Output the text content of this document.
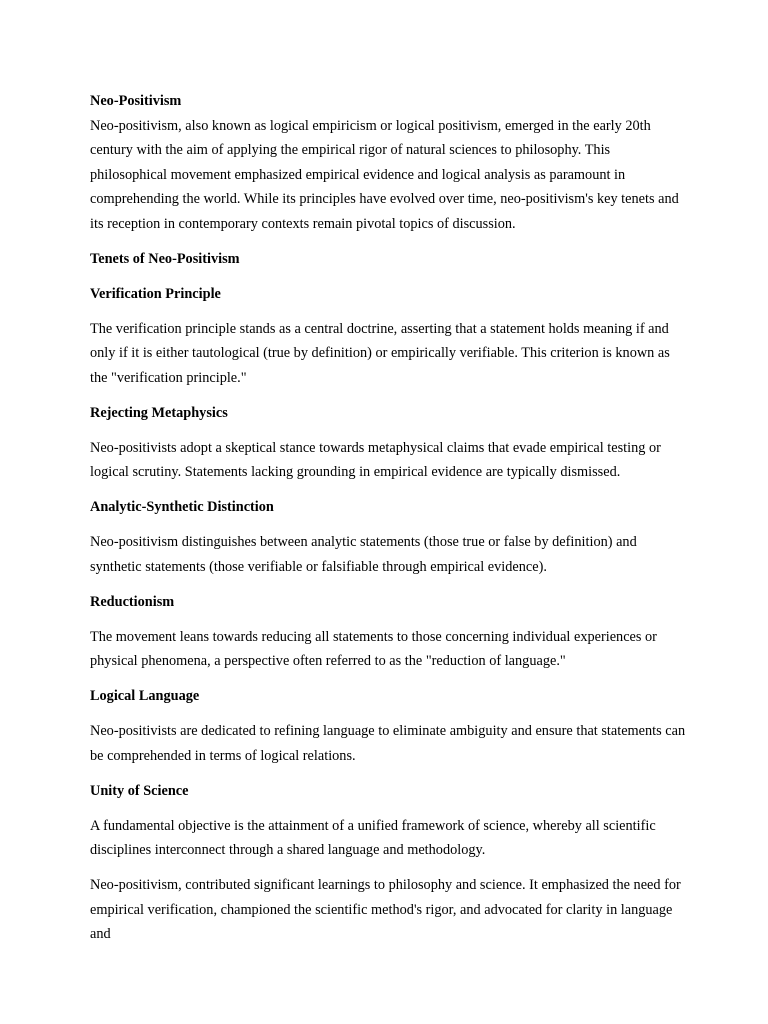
Neo-Positivism

Neo-positivism, also known as logical empiricism or logical positivism, emerged in the early 20th century with the aim of applying the empirical rigor of natural sciences to philosophy. This philosophical movement emphasized empirical evidence and logical analysis as paramount in comprehending the world. While its principles have evolved over time, neo-positivism's key tenets and its reception in contemporary contexts remain pivotal topics of discussion.

Tenets of Neo-Positivism
Verification Principle

The verification principle stands as a central doctrine, asserting that a statement holds meaning if and only if it is either tautological (true by definition) or empirically verifiable. This criterion is known as the "verification principle."

Rejecting Metaphysics

Neo-positivists adopt a skeptical stance towards metaphysical claims that evade empirical testing or logical scrutiny. Statements lacking grounding in empirical evidence are typically dismissed.

Analytic-Synthetic Distinction

Neo-positivism distinguishes between analytic statements (those true or false by definition) and synthetic statements (those verifiable or falsifiable through empirical evidence).

Reductionism

The movement leans towards reducing all statements to those concerning individual experiences or physical phenomena, a perspective often referred to as the "reduction of language."

Logical Language

Neo-positivists are dedicated to refining language to eliminate ambiguity and ensure that statements can be comprehended in terms of logical relations.

Unity of Science

A fundamental objective is the attainment of a unified framework of science, whereby all scientific disciplines interconnect through a shared language and methodology.

Neo-positivism, contributed significant learnings to philosophy and science. It emphasized the need for empirical verification, championed the scientific method's rigor, and advocated for clarity in language and
